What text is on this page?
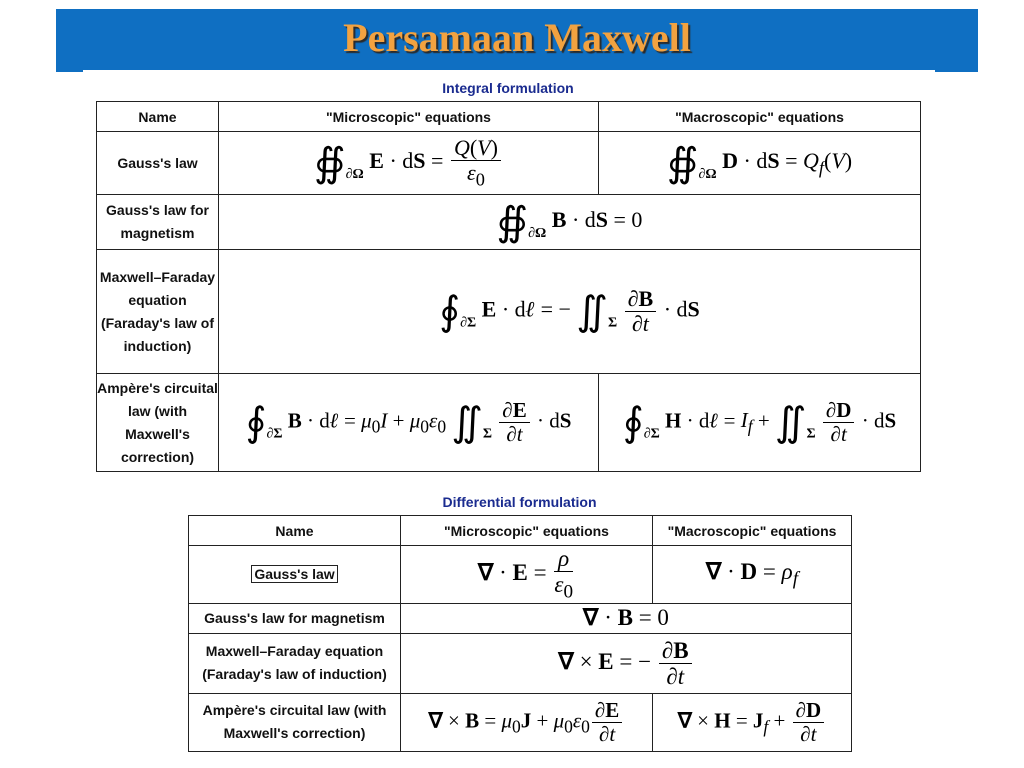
Persamaan Maxwell
Integral formulation
Name	"Microscopic" equations	"Macroscopic" equations
Gauss's law	$∯_{\partial\Omega}$ E · dS = $\frac{Q(V)}{\varepsilon_0}$	$∯_{\partial\Omega}$ D · dS = $Q_f(V)$
Gauss's law for magnetism	$∯_{\partial\Omega}$ B · dS = 0	
Maxwell–Faraday equation (Faraday's law of induction)	$∮_{\partial\Sigma}$ E · dℓ = − $∬_\Sigma \frac{\partial B}{\partial t}$ · dS	
Ampère's circuital law (with Maxwell's correction)	$∮_{\partial\Sigma}$ B · dℓ = $\mu_0I + \mu_0\varepsilon_0$ $∬_\Sigma \frac{\partial E}{\partial t}$ · dS	$∮_{\partial\Sigma}$ H · dℓ = $I_f$ + $∬_\Sigma \frac{\partial D}{\partial t}$ · dS
Differential formulation
Name	"Microscopic" equations	"Macroscopic" equations
Gauss's law	∇ · $E = \frac{\rho}{\varepsilon_0}$	∇ · $D = \rho_f$
Gauss's law for magnetism	∇ · B = 0	
Maxwell–Faraday equation (Faraday's law of induction)	∇ × E = − $\frac{\partial B}{\partial t}$

Ampère's circuital law (with Maxwell's correction)	∇ × $B = \mu_0J + \mu_0\varepsilon_0 \frac{\partial E}{\partial t}$	∇ × $H = J_f + \frac{\partial D}{\partial t}$
